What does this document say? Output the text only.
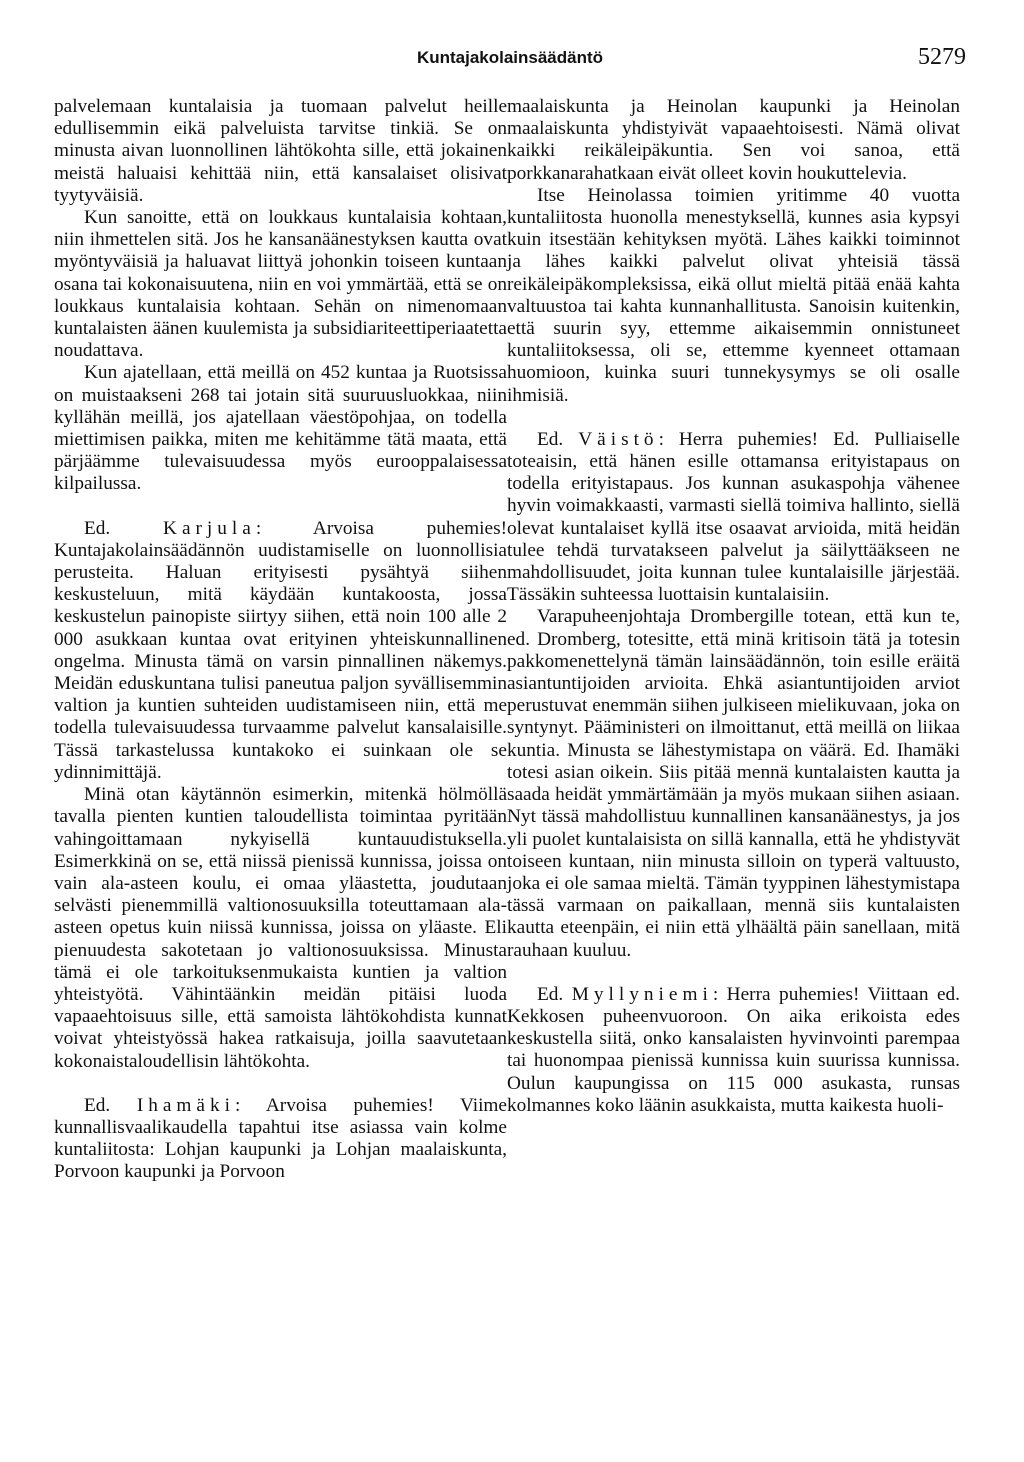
Kuntajakolainsäädäntö	5279

palvelemaan kuntalaisia ja tuomaan palvelut heille edullisemmin eikä palveluista tarvitse tinkiä. Se on minusta aivan luonnollinen lähtökohta sille, että jokainen meistä haluaisi kehittää niin, että kansalaiset olisivat tyytyväisiä.

Kun sanoitte, että on loukkaus kuntalaisia kohtaan, niin ihmettelen sitä. Jos he kansanäänestyksen kautta ovat myöntyväisiä ja haluavat liittyä johonkin toiseen kuntaan osana tai kokonaisuutena, niin en voi ymmärtää, että se on loukkaus kuntalaisia kohtaan. Sehän on nimenomaan kuntalaisten äänen kuulemista ja subsidiariteettiperiaatetta noudattava.

Kun ajatellaan, että meillä on 452 kuntaa ja Ruotsissa on muistaakseni 268 tai jotain sitä suuruusluokkaa, niin kyllähän meillä, jos ajatellaan väestöpohjaa, on todella miettimisen paikka, miten me kehitämme tätä maata, että pärjäämme tulevaisuudessa myös eurooppalaisessa kilpailussa.

Ed.	Karjula: Arvoisa puhemies! Kuntajakolainsäädännön uudistamiselle on luonnollisia perusteita. Haluan erityisesti pysähtyä siihen keskusteluun, mitä käydään kuntakoosta, jossa keskustelun painopiste siirtyy siihen, että noin 100 alle 2 000 asukkaan kuntaa ovat erityinen yhteiskunnallinen ongelma. Minusta tämä on varsin pinnallinen näkemys. Meidän eduskuntana tulisi paneutua paljon syvällisemmin valtion ja kuntien suhteiden uudistamiseen niin, että me todella tulevaisuudessa turvaamme palvelut kansalaisille. Tässä tarkastelussa kuntakoko ei suinkaan ole se ydinnimittäjä.

Minä otan käytännön esimerkin, mitenkä hölmöllä tavalla pienten kuntien taloudellista toimintaa pyritään vahingoittamaan nykyisellä kuntauudistuksella. Esimerkkinä on se, että niissä pienissä kunnissa, joissa on vain ala-asteen koulu, ei omaa yläastetta, joudutaan selvästi pienemmillä valtionosuuksilla toteuttamaan ala-asteen opetus kuin niissä kunnissa, joissa on yläaste. Eli pienuudesta sakotetaan jo valtionosuuksissa. Minusta tämä ei ole tarkoituksenmukaista kuntien ja valtion yhteistyötä. Vähintäänkin meidän pitäisi luoda vapaaehtoisuus sille, että samoista lähtökohdista kunnat voivat yhteistyössä hakea ratkaisuja, joilla saavutetaan kokonaistaloudellisin lähtökohta.

Ed. Ihamäki: Arvoisa puhemies! Viime kunnallisvaalikaudella tapahtui itse asiassa vain kolme kuntaliitosta: Lohjan kaupunki ja Lohjan maalaiskunta, Porvoon kaupunki ja Porvoon

maalaiskunta ja Heinolan kaupunki ja Heinolan maalaiskunta yhdistyivät vapaaehtoisesti. Nämä olivat kaikki reikäleipäkuntia. Sen voi sanoa, että porkkanarahatkaan eivät olleet kovin houkuttelevia.

Itse Heinolassa toimien yritimme 40 vuotta kuntaliitosta huonolla menestyksellä, kunnes asia kypsyi kuin itsestään kehityksen myötä. Lähes kaikki toiminnot ja lähes kaikki palvelut olivat yhteisiä tässä reikäleipäkompleksissa, eikä ollut mieltä pitää enää kahta valtuustoa tai kahta kunnanhallitusta. Sanoisin kuitenkin, että suurin syy, ettemme aikaisemmin onnistuneet kuntaliitoksessa, oli se, ettemme kyenneet ottamaan huomioon, kuinka suuri tunnekysymys se oli osalle ihmisiä.

Ed. Väistö: Herra puhemies! Ed. Pulliaiselle toteaisin, että hänen esille ottamansa erityistapaus on todella erityistapaus. Jos kunnan asukaspohja vähenee hyvin voimakkaasti, varmasti siellä toimiva hallinto, siellä olevat kuntalaiset kyllä itse osaavat arvioida, mitä heidän tulee tehdä turvatakseen palvelut ja säilyttääkseen ne mahdollisuudet, joita kunnan tulee kuntalaisille järjestää. Tässäkin suhteessa luottaisin kuntalaisiin.

Varapuheenjohtaja Drombergille totean, että kun te, ed. Dromberg, totesitte, että minä kritisoin tätä ja totesin pakkomenettelynä tämän lainsäädännön, toin esille eräitä asiantuntijoiden arvioita. Ehkä asiantuntijoiden arviot perustuvat enemmän siihen julkiseen mielikuvaan, joka on syntynyt. Pääministeri on ilmoittanut, että meillä on liikaa kuntia. Minusta se lähestymistapa on väärä. Ed. Ihamäki totesi asian oikein. Siis pitää mennä kuntalaisten kautta ja saada heidät ymmärtämään ja myös mukaan siihen asiaan. Nyt tässä mahdollistuu kunnallinen kansanäänestys, ja jos yli puolet kuntalaisista on sillä kannalla, että he yhdistyvät toiseen kuntaan, niin minusta silloin on typerä valtuusto, joka ei ole samaa mieltä. Tämän tyyppinen lähestymistapa tässä varmaan on paikallaan, mennä siis kuntalaisten kautta eteenpäin, ei niin että ylhäältä päin sanellaan, mitä rauhaan kuuluu.

Ed. Myllyniemi: Herra puhemies! Viittaan ed. Kekkosen puheenvuoroon. On aika erikoista edes keskustella siitä, onko kansalaisten hyvinvointi parempaa tai huonompaa pienissä kunnissa kuin suurissa kunnissa. Oulun kaupungissa on 115 000 asukasta, runsas kolmannes koko läänin asukkaista, mutta kaikesta huoli-
